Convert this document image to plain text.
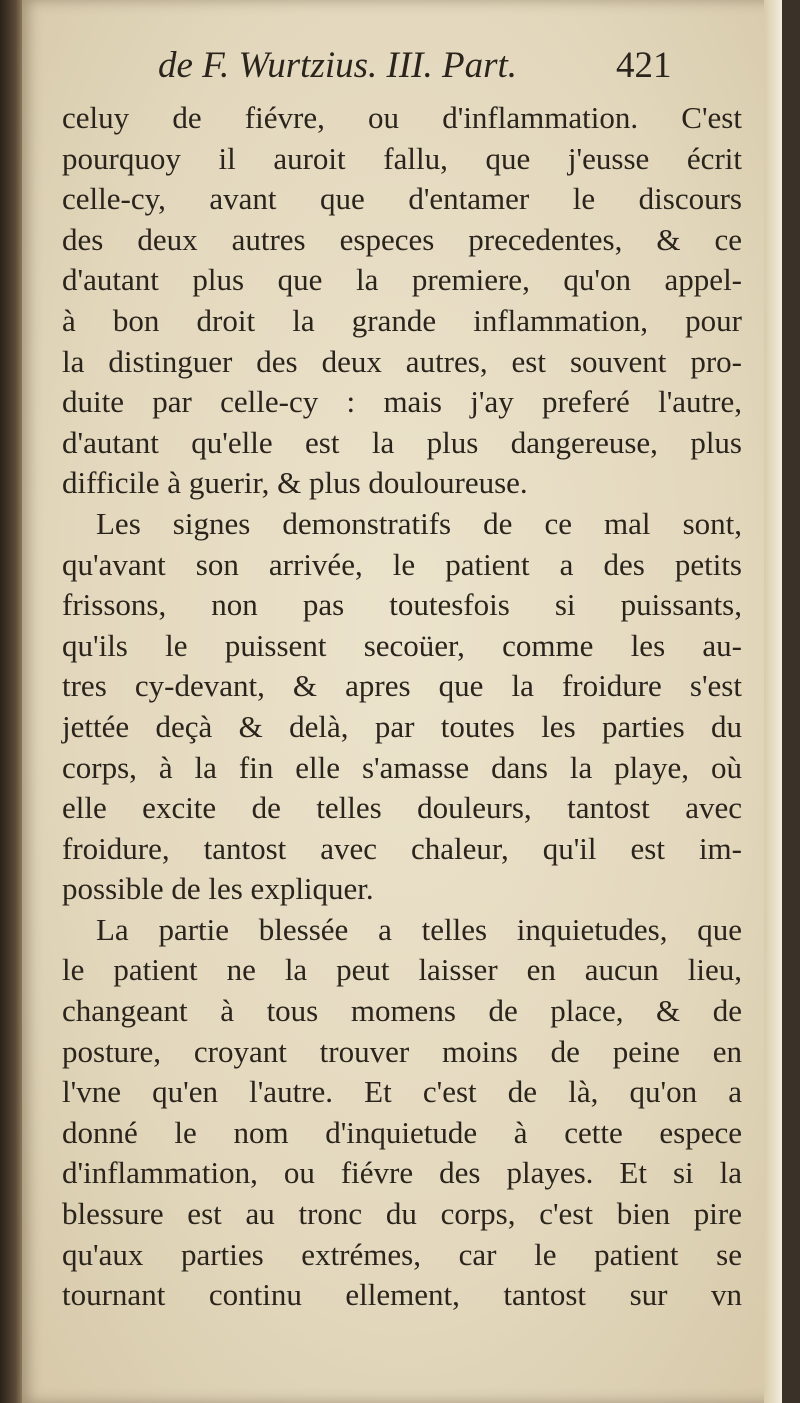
de F. Wurtzius. III. Part.	421
celuy de fiévre, ou d'inflammation. C'est
pourquoy il auroit fallu, que j'eusse écrit
celle-cy, avant que d'entamer le discours
des deux autres especes precedentes, & ce
d'autant plus que la premiere, qu'on appel-
à bon droit la grande inflammation, pour
la distinguer des deux autres, est souvent pro-
duite par celle-cy : mais j'ay preferé l'autre,
d'autant qu'elle est la plus dangereuse, plus
difficile à guerir, & plus douloureuse.
Les signes demonstratifs de ce mal sont,
qu'avant son arrivée, le patient a des petits
frissons, non pas toutesfois si puissants,
qu'ils le puissent secoüer, comme les au-
tres cy-devant, & apres que la froidure s'est
jettée deçà & delà, par toutes les parties du
corps, à la fin elle s'amasse dans la playe, où
elle excite de telles douleurs, tantost avec
froidure, tantost avec chaleur, qu'il est im-
possible de les expliquer.
La partie blessée a telles inquietudes, que
le patient ne la peut laisser en aucun lieu,
changeant à tous momens de place, & de
posture, croyant trouver moins de peine en
l'vne qu'en l'autre. Et c'est de là, qu'on a
donné le nom d'inquietude à cette espece
d'inflammation, ou fiévre des playes. Et si la
blessure est au tronc du corps, c'est bien pire
qu'aux parties extrémes, car le patient se
tournant continu ellement, tantost sur vn
